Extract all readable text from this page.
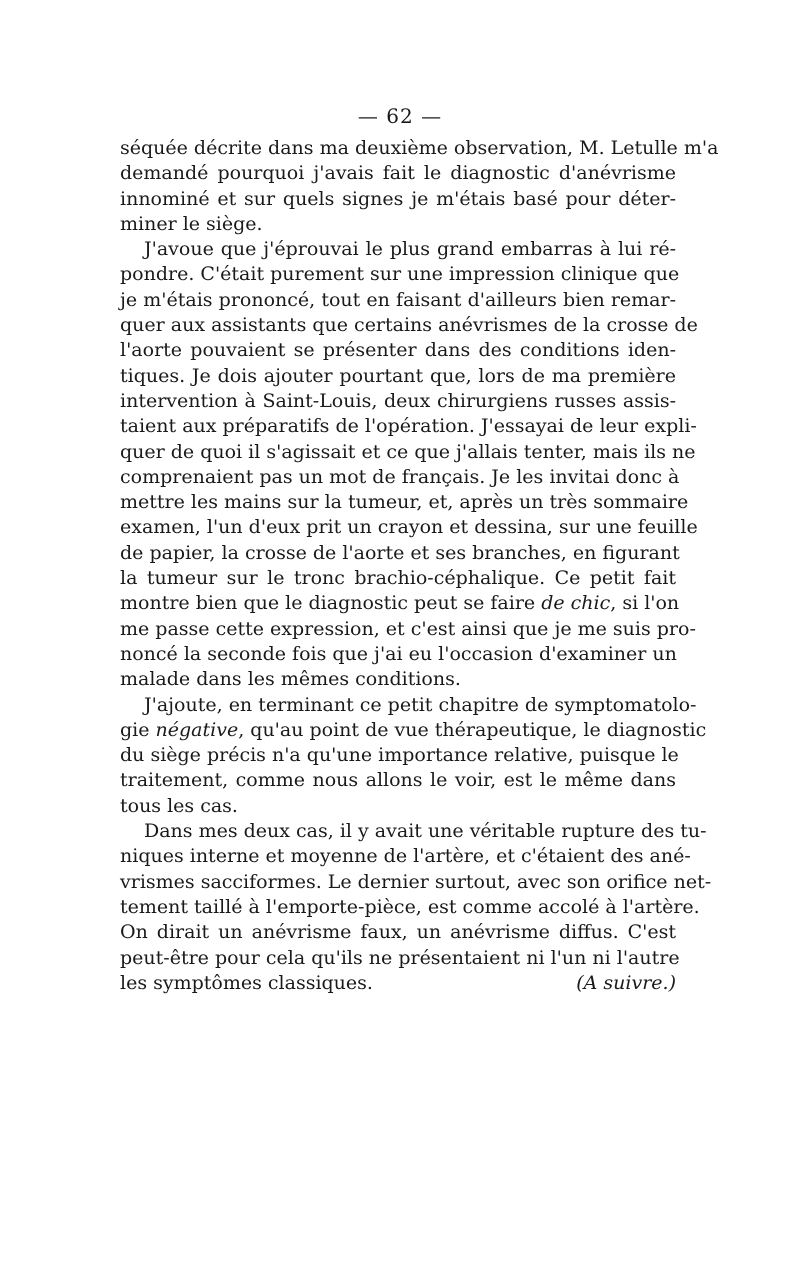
— 62 —
séquée décrite dans ma deuxième observation, M. Letulle m'a
demandé pourquoi j'avais fait le diagnostic d'anévrisme
innominé et sur quels signes je m'étais basé pour déter-
miner le siège.
J'avoue que j'éprouvai le plus grand embarras à lui ré-
pondre. C'était purement sur une impression clinique que
je m'étais prononcé, tout en faisant d'ailleurs bien remar-
quer aux assistants que certains anévrismes de la crosse de
l'aorte pouvaient se présenter dans des conditions iden-
tiques. Je dois ajouter pourtant que, lors de ma première
intervention à Saint-Louis, deux chirurgiens russes assis-
taient aux préparatifs de l'opération. J'essayai de leur expli-
quer de quoi il s'agissait et ce que j'allais tenter, mais ils ne
comprenaient pas un mot de français. Je les invitai donc à
mettre les mains sur la tumeur, et, après un très sommaire
examen, l'un d'eux prit un crayon et dessina, sur une feuille
de papier, la crosse de l'aorte et ses branches, en figurant
la tumeur sur le tronc brachio-céphalique. Ce petit fait
montre bien que le diagnostic peut se faire de chic, si l'on
me passe cette expression, et c'est ainsi que je me suis pro-
noncé la seconde fois que j'ai eu l'occasion d'examiner un
malade dans les mêmes conditions.
J'ajoute, en terminant ce petit chapitre de symptomatolo-
gie négative, qu'au point de vue thérapeutique, le diagnostic
du siège précis n'a qu'une importance relative, puisque le
traitement, comme nous allons le voir, est le même dans
tous les cas.
Dans mes deux cas, il y avait une véritable rupture des tu-
niques interne et moyenne de l'artère, et c'étaient des ané-
vrismes sacciformes. Le dernier surtout, avec son orifice net-
tement taillé à l'emporte-pièce, est comme accolé à l'artère.
On dirait un anévrisme faux, un anévrisme diffus. C'est
peut-être pour cela qu'ils ne présentaient ni l'un ni l'autre
les symptômes classiques.	(A suivre.)
